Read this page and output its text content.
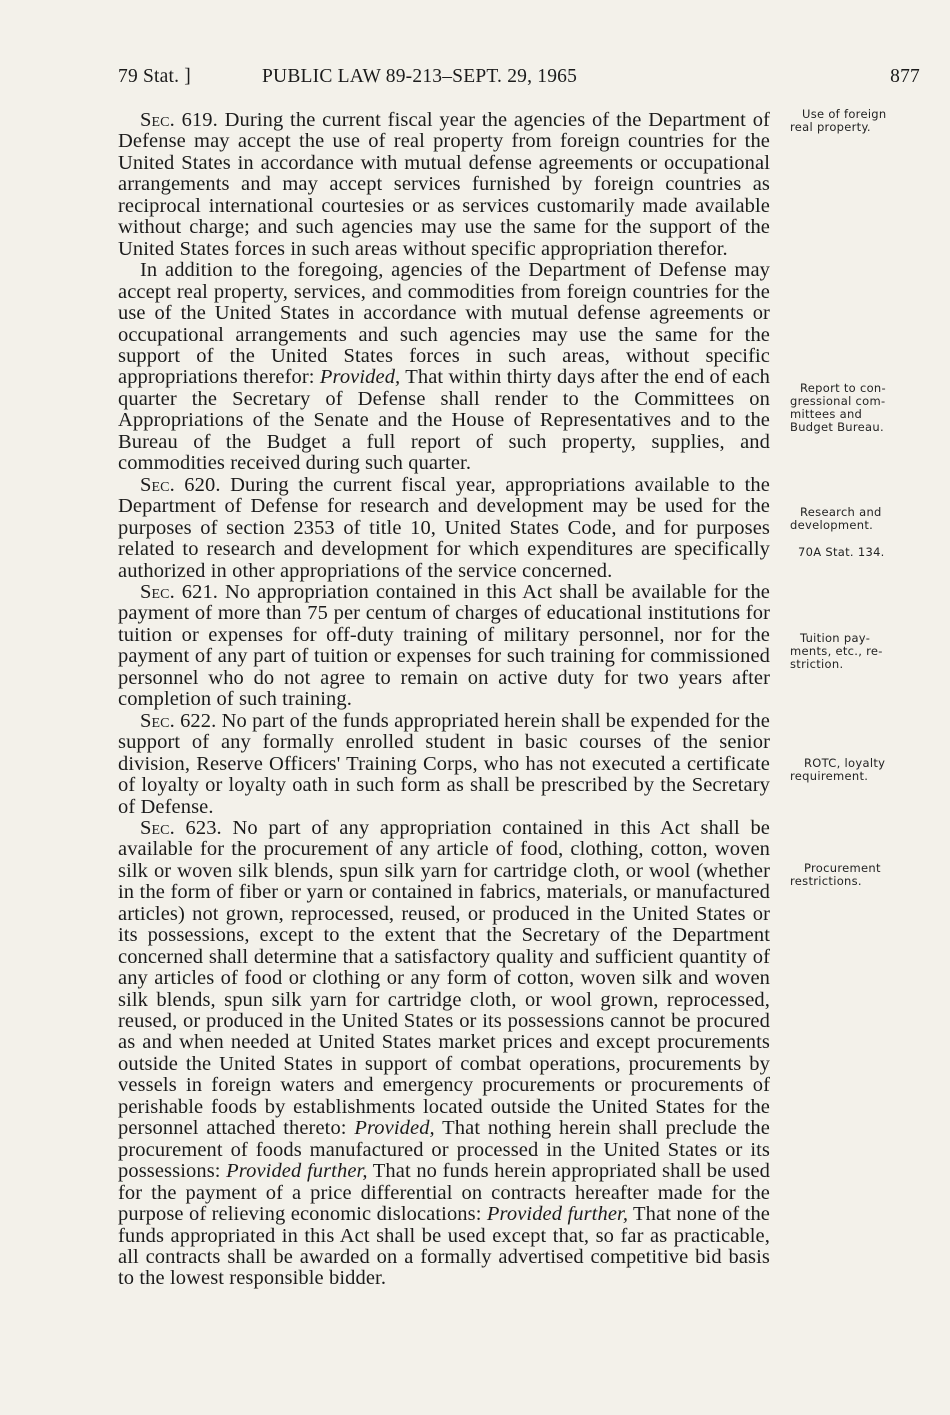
79 Stat. ]	PUBLIC LAW 89-213–SEPT. 29, 1965	877

Sec. 619. During the current fiscal year the agencies of the Department of Defense may accept the use of real property from foreign countries for the United States in accordance with mutual defense agreements or occupational arrangements and may accept services furnished by foreign countries as reciprocal international courtesies or as services customarily made available without charge; and such agencies may use the same for the support of the United States forces in such areas without specific appropriation therefor.

In addition to the foregoing, agencies of the Department of Defense may accept real property, services, and commodities from foreign countries for the use of the United States in accordance with mutual defense agreements or occupational arrangements and such agencies may use the same for the support of the United States forces in such areas, without specific appropriations therefor: Provided, That within thirty days after the end of each quarter the Secretary of Defense shall render to the Committees on Appropriations of the Senate and the House of Representatives and to the Bureau of the Budget a full report of such property, supplies, and commodities received during such quarter.

Sec. 620. During the current fiscal year, appropriations available to the Department of Defense for research and development may be used for the purposes of section 2353 of title 10, United States Code, and for purposes related to research and development for which expenditures are specifically authorized in other appropriations of the service concerned.

Sec. 621. No appropriation contained in this Act shall be available for the payment of more than 75 per centum of charges of educational institutions for tuition or expenses for off-duty training of military personnel, nor for the payment of any part of tuition or expenses for such training for commissioned personnel who do not agree to remain on active duty for two years after completion of such training.

Sec. 622. No part of the funds appropriated herein shall be expended for the support of any formally enrolled student in basic courses of the senior division, Reserve Officers' Training Corps, who has not executed a certificate of loyalty or loyalty oath in such form as shall be prescribed by the Secretary of Defense.

Sec. 623. No part of any appropriation contained in this Act shall be available for the procurement of any article of food, clothing, cotton, woven silk or woven silk blends, spun silk yarn for cartridge cloth, or wool (whether in the form of fiber or yarn or contained in fabrics, materials, or manufactured articles) not grown, reprocessed, reused, or produced in the United States or its possessions, except to the extent that the Secretary of the Department concerned shall determine that a satisfactory quality and sufficient quantity of any articles of food or clothing or any form of cotton, woven silk and woven silk blends, spun silk yarn for cartridge cloth, or wool grown, reprocessed, reused, or produced in the United States or its possessions cannot be procured as and when needed at United States market prices and except procurements outside the United States in support of combat operations, procurements by vessels in foreign waters and emergency procurements or procurements of perishable foods by establishments located outside the United States for the personnel attached thereto: Provided, That nothing herein shall preclude the procurement of foods manufactured or processed in the United States or its possessions: Provided further, That no funds herein appropriated shall be used for the payment of a price differential on contracts hereafter made for the purpose of relieving economic dislocations: Provided further, That none of the funds appropriated in this Act shall be used except that, so far as practicable, all contracts shall be awarded on a formally advertised competitive bid basis to the lowest responsible bidder.

Use of foreign
real property.
Report to con-
gressional com-
mittees and
Budget Bureau.
Research and
development.
70A Stat. 134.
Tuition pay-
ments, etc., re-
striction.
ROTC, loyalty
requirement.
Procurement
restrictions.
